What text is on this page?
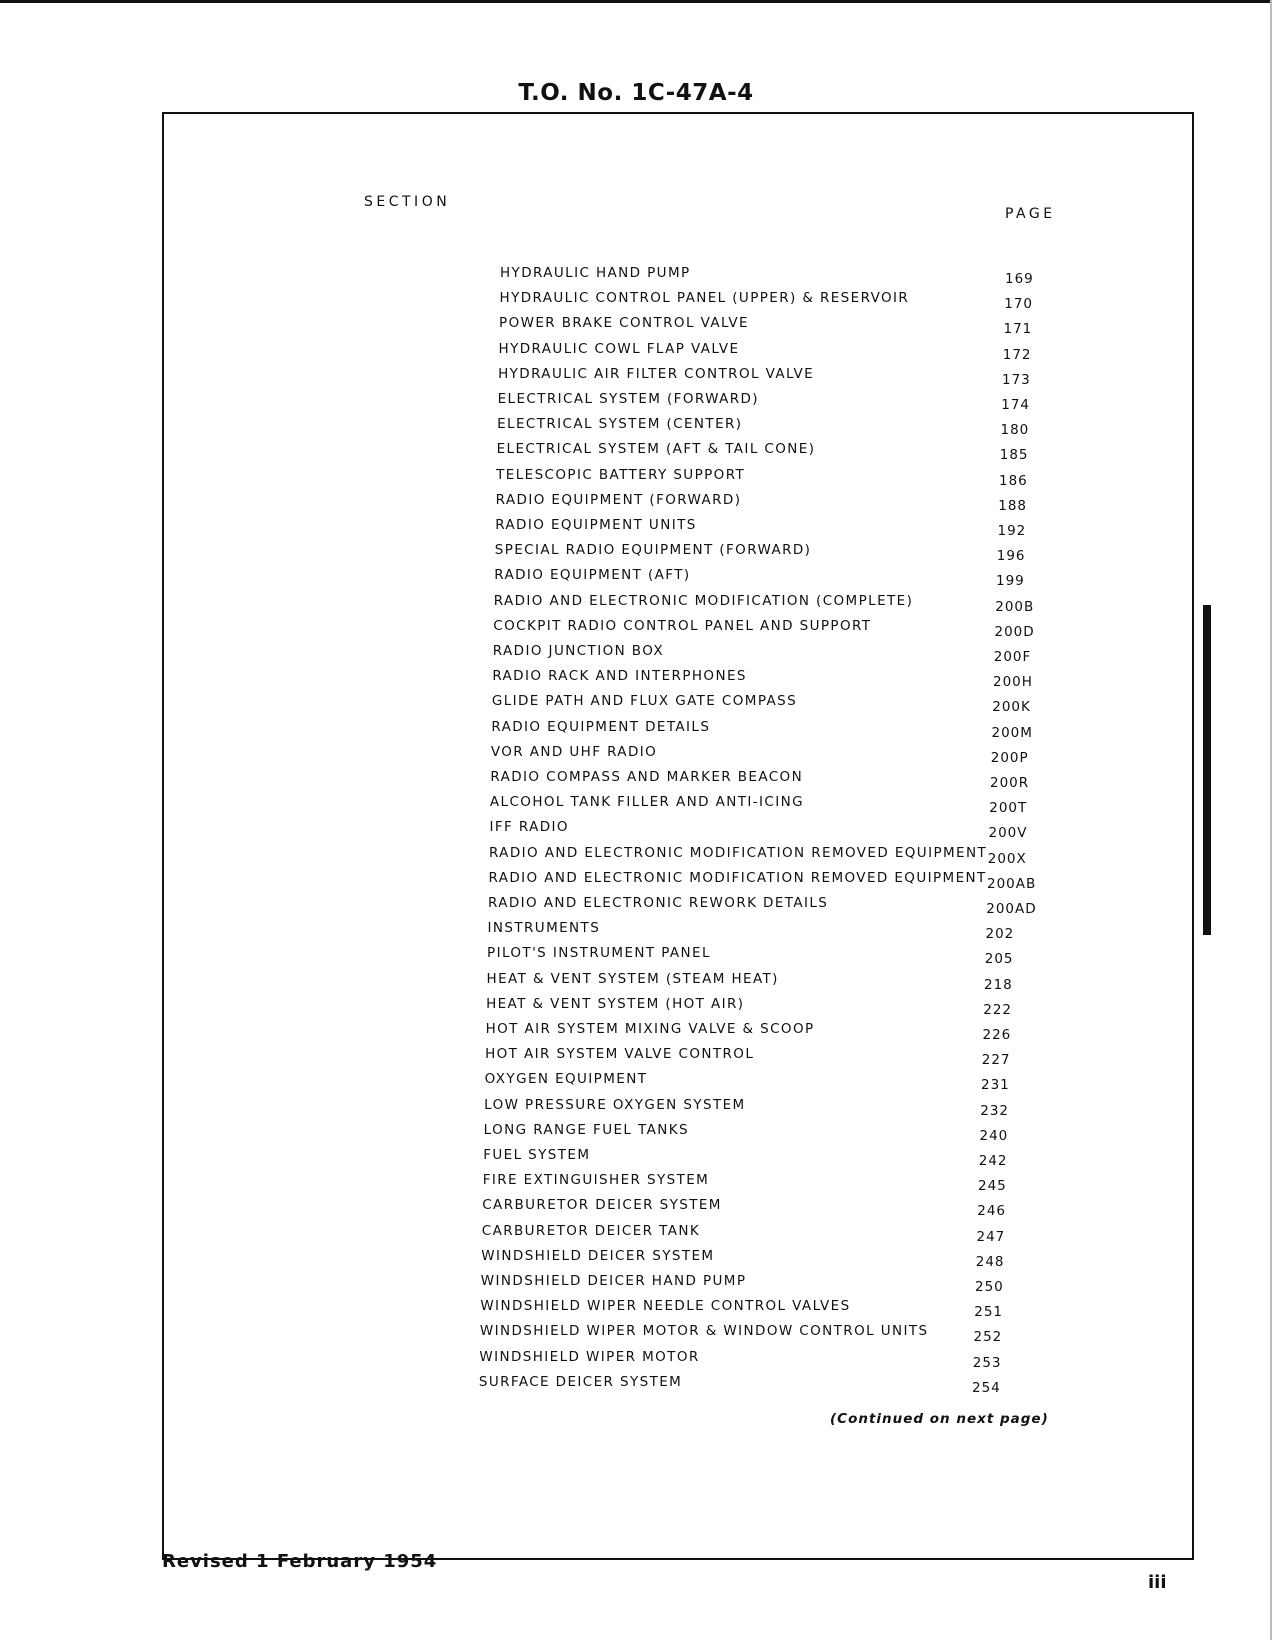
T.O. No. 1C-47A-4
SECTION
PAGE
HYDRAULIC HAND PUMP	169
HYDRAULIC CONTROL PANEL (UPPER) & RESERVOIR	170
POWER BRAKE CONTROL VALVE	171
HYDRAULIC COWL FLAP VALVE	172
HYDRAULIC AIR FILTER CONTROL VALVE	173
ELECTRICAL SYSTEM (FORWARD)	174
ELECTRICAL SYSTEM (CENTER)	180
ELECTRICAL SYSTEM (AFT & TAIL CONE)	185
TELESCOPIC BATTERY SUPPORT	186
RADIO EQUIPMENT (FORWARD)	188
RADIO EQUIPMENT UNITS	192
SPECIAL RADIO EQUIPMENT (FORWARD)	196
RADIO EQUIPMENT (AFT)	199
RADIO AND ELECTRONIC MODIFICATION (COMPLETE)	200B
COCKPIT RADIO CONTROL PANEL AND SUPPORT	200D
RADIO JUNCTION BOX	200F
RADIO RACK AND INTERPHONES	200H
GLIDE PATH AND FLUX GATE COMPASS	200K
RADIO EQUIPMENT DETAILS	200M
VOR AND UHF RADIO	200P
RADIO COMPASS AND MARKER BEACON	200R
ALCOHOL TANK FILLER AND ANTI-ICING	200T
IFF RADIO	200V
RADIO AND ELECTRONIC MODIFICATION REMOVED EQUIPMENT 200X
RADIO AND ELECTRONIC MODIFICATION REMOVED EQUIPMENT 200AB
RADIO AND ELECTRONIC REWORK DETAILS	200AD
INSTRUMENTS	202
PILOT'S INSTRUMENT PANEL	205
HEAT & VENT SYSTEM (STEAM HEAT)	218
HEAT & VENT SYSTEM (HOT AIR)	222
HOT AIR SYSTEM MIXING VALVE & SCOOP	226
HOT AIR SYSTEM VALVE CONTROL	227
OXYGEN EQUIPMENT	231
LOW PRESSURE OXYGEN SYSTEM	232
LONG RANGE FUEL TANKS	240
FUEL SYSTEM	242
FIRE EXTINGUISHER SYSTEM	245
CARBURETOR DEICER SYSTEM	246
CARBURETOR DEICER TANK	247
WINDSHIELD DEICER SYSTEM	248
WINDSHIELD DEICER HAND PUMP	250
WINDSHIELD WIPER NEEDLE CONTROL VALVES	251
WINDSHIELD WIPER MOTOR & WINDOW CONTROL UNITS	252
WINDSHIELD WIPER MOTOR	253
SURFACE DEICER SYSTEM	254
(Continued on next page)
Revised 1 February 1954
iii
